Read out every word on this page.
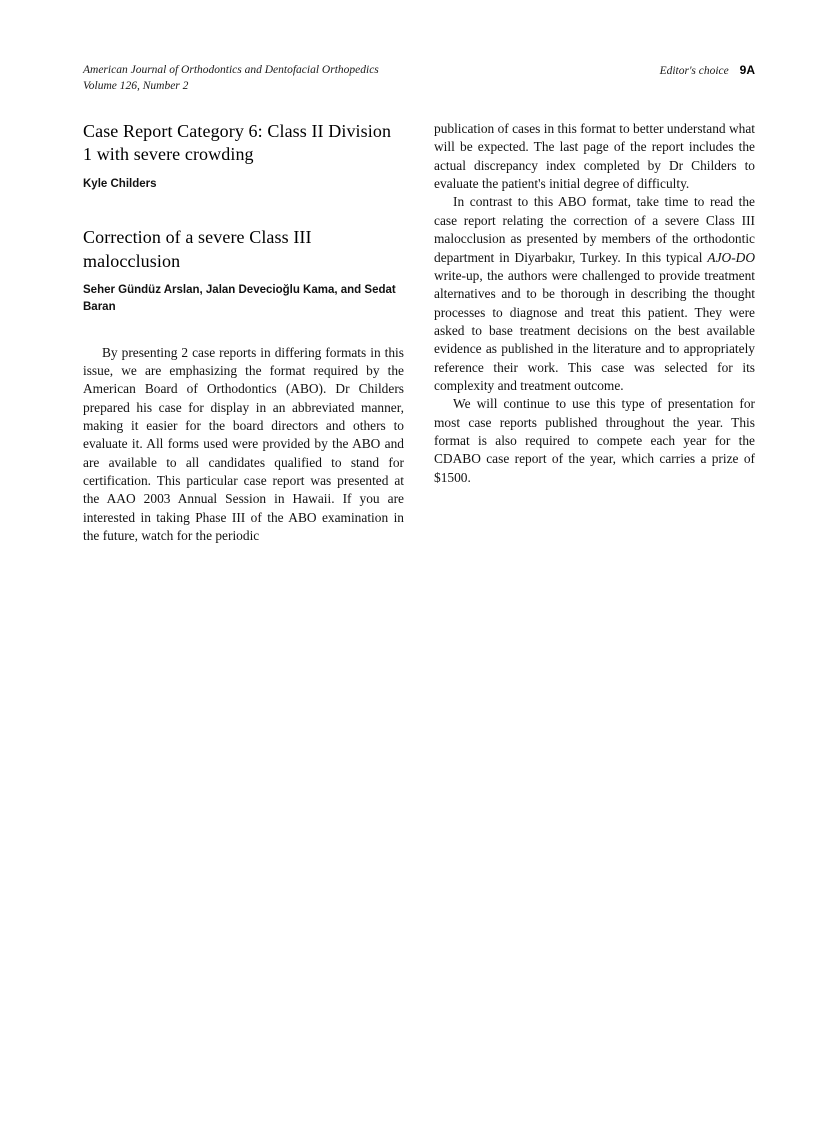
American Journal of Orthodontics and Dentofacial Orthopedics
Volume 126, Number 2
Editor's choice 9A
Case Report Category 6: Class II Division 1 with severe crowding

Kyle Childers

Correction of a severe Class III malocclusion

Seher Gündüz Arslan, Jalan Devecioğlu Kama, and Sedat Baran

By presenting 2 case reports in differing formats in this issue, we are emphasizing the format required by the American Board of Orthodontics (ABO). Dr Childers prepared his case for display in an abbreviated manner, making it easier for the board directors and others to evaluate it. All forms used were provided by the ABO and are available to all candidates qualified to stand for certification. This particular case report was presented at the AAO 2003 Annual Session in Hawaii. If you are interested in taking Phase III of the ABO examination in the future, watch for the periodic

publication of cases in this format to better understand what will be expected. The last page of the report includes the actual discrepancy index completed by Dr Childers to evaluate the patient's initial degree of difficulty.

In contrast to this ABO format, take time to read the case report relating the correction of a severe Class III malocclusion as presented by members of the orthodontic department in Diyarbakır, Turkey. In this typical AJO-DO write-up, the authors were challenged to provide treatment alternatives and to be thorough in describing the thought processes to diagnose and treat this patient. They were asked to base treatment decisions on the best available evidence as published in the literature and to appropriately reference their work. This case was selected for its complexity and treatment outcome.

We will continue to use this type of presentation for most case reports published throughout the year. This format is also required to compete each year for the CDABO case report of the year, which carries a prize of $1500.
